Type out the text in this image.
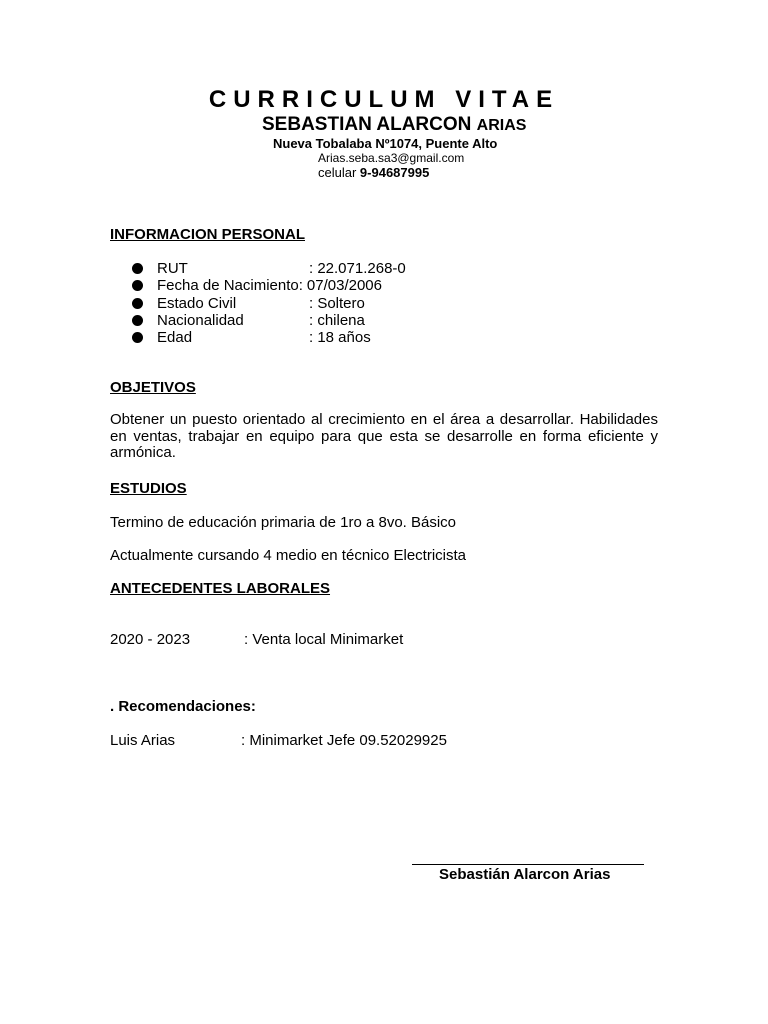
CURRICULUM VITAE
SEBASTIAN ALARCON ARIAS
Nueva Tobalaba Nº1074, Puente Alto
Arias.seba.sa3@gmail.com
celular 9-94687995
INFORMACION PERSONAL
RUT	: 22.071.268-0
Fecha de Nacimiento: 07/03/2006
Estado Civil	: Soltero
Nacionalidad	: chilena
Edad	: 18 años
OBJETIVOS
Obtener un puesto orientado al crecimiento en el área a desarrollar. Habilidades en ventas, trabajar en equipo para que esta se desarrolle en forma eficiente y armónica.
ESTUDIOS
Termino de educación primaria de 1ro a 8vo. Básico
Actualmente cursando 4 medio en técnico Electricista
ANTECEDENTES LABORALES
2020 - 2023	: Venta local Minimarket
. Recomendaciones:
Luis Arias	: Minimarket Jefe 09.52029925
Sebastián Alarcon Arias
